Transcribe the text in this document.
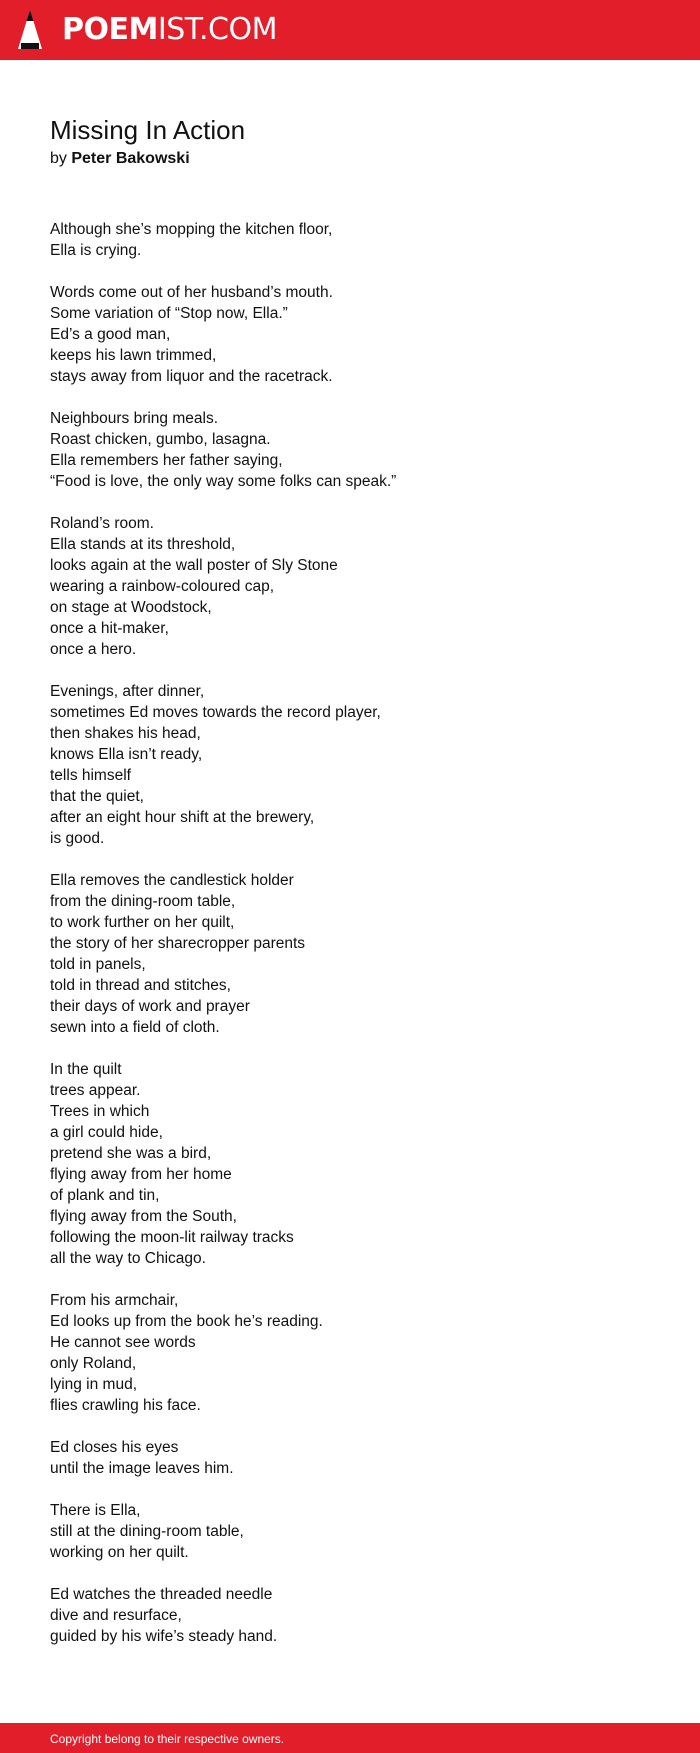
POEMIST.COM
Missing In Action
by Peter Bakowski
Although she’s mopping the kitchen floor,
Ella is crying.
Words come out of her husband’s mouth.
Some variation of “Stop now, Ella.”
Ed’s a good man,
keeps his lawn trimmed,
stays away from liquor and the racetrack.
Neighbours bring meals.
Roast chicken, gumbo, lasagna.
Ella remembers her father saying,
“Food is love, the only way some folks can speak.”
Roland’s room.
Ella stands at its threshold,
looks again at the wall poster of Sly Stone
wearing a rainbow-coloured cap,
on stage at Woodstock,
once a hit-maker,
once a hero.
Evenings, after dinner,
sometimes Ed moves towards the record player,
then shakes his head,
knows Ella isn’t ready,
tells himself
that the quiet,
after an eight hour shift at the brewery,
is good.
Ella removes the candlestick holder
from the dining-room table,
to work further on her quilt,
the story of her sharecropper parents
told in panels,
told in thread and stitches,
their days of work and prayer
sewn into a field of cloth.
In the quilt
trees appear.
Trees in which
a girl could hide,
pretend she was a bird,
flying away from her home
of plank and tin,
flying away from the South,
following the moon-lit railway tracks
all the way to Chicago.
From his armchair,
Ed looks up from the book he’s reading.
He cannot see words
only Roland,
lying in mud,
flies crawling his face.
Ed closes his eyes
until the image leaves him.
There is Ella,
still at the dining-room table,
working on her quilt.
Ed watches the threaded needle
dive and resurface,
guided by his wife’s steady hand.
Copyright belong to their respective owners.
